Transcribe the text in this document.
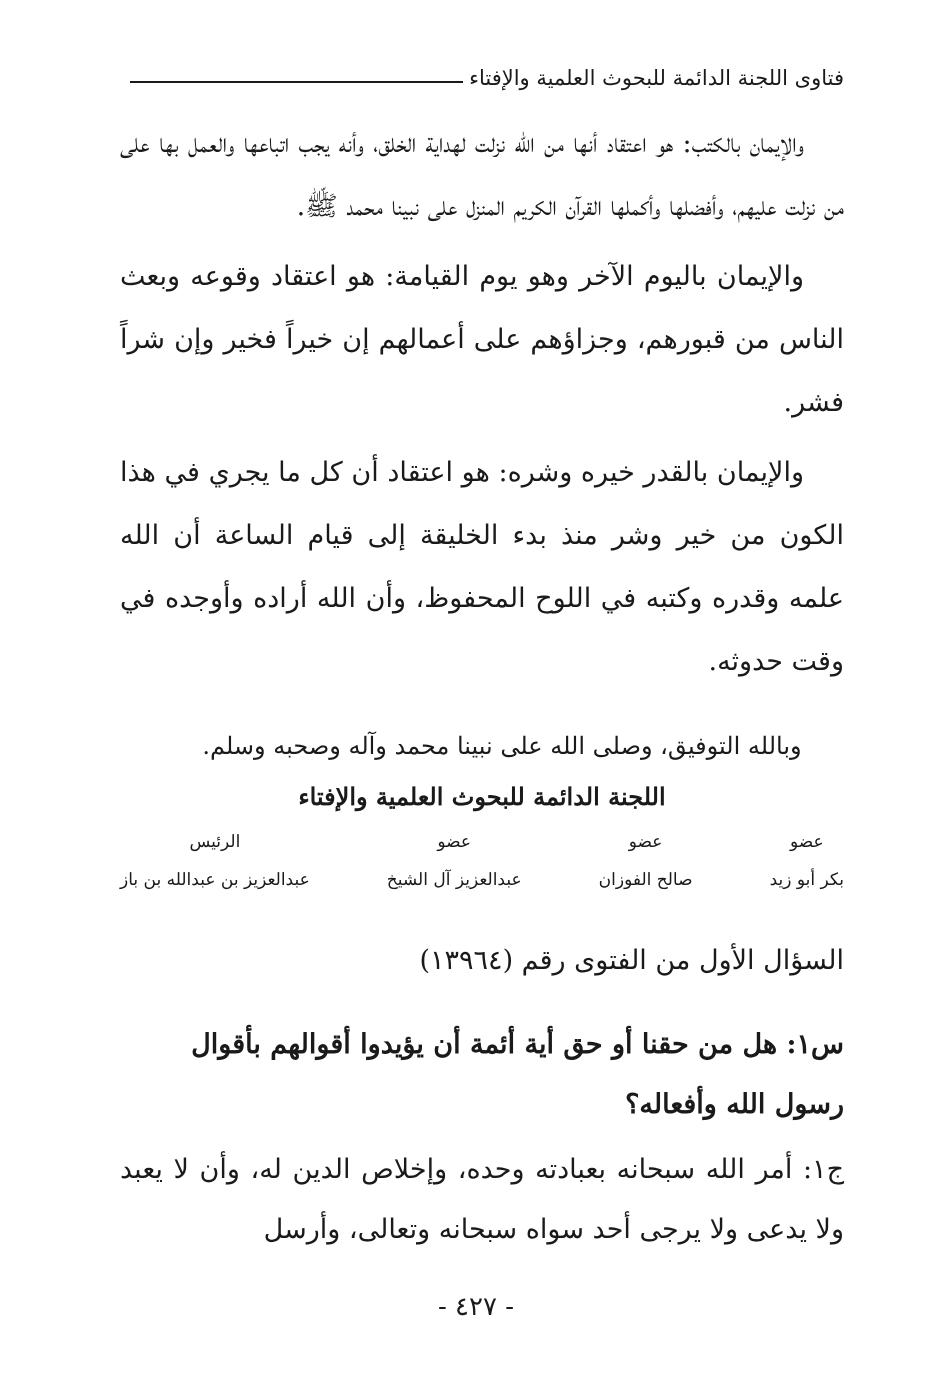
فتاوى اللجنة الدائمة للبحوث العلمية والإفتاء

والإيمان بالكتب: هو اعتقاد أنها من الله نزلت لهداية الخلق، وأنه يجب اتباعها والعمل بها على من نزلت عليهم، وأفضلها وأكملها القرآن الكريم المنزل على نبينا محمد ﷺ.

والإيمان باليوم الآخر وهو يوم القيامة: هو اعتقاد وقوعه وبعث الناس من قبورهم، وجزاؤهم على أعمالهم إن خيراً فخير وإن شراً فشر.

والإيمان بالقدر خيره وشره: هو اعتقاد أن كل ما يجري في هذا الكون من خير وشر منذ بدء الخليقة إلى قيام الساعة أن الله علمه وقدره وكتبه في اللوح المحفوظ، وأن الله أراده وأوجده في وقت حدوثه.

وبالله التوفيق، وصلى الله على نبينا محمد وآله وصحبه وسلم.
اللجنة الدائمة للبحوث العلمية والإفتاء
عضو
بكر أبو زيد
عضو
صالح الفوزان
عضو
عبدالعزيز آل الشيخ
الرئيس
عبدالعزيز بن عبدالله بن باز
السؤال الأول من الفتوى رقم (١٣٩٦٤)
س١: هل من حقنا أو حق أية أئمة أن يؤيدوا أقوالهم بأقوال رسول الله وأفعاله؟
ج١: أمر الله سبحانه بعبادته وحده، وإخلاص الدين له، وأن لا يعبد ولا يدعى ولا يرجى أحد سواه سبحانه وتعالى، وأرسل
- ٤٢٧ -
